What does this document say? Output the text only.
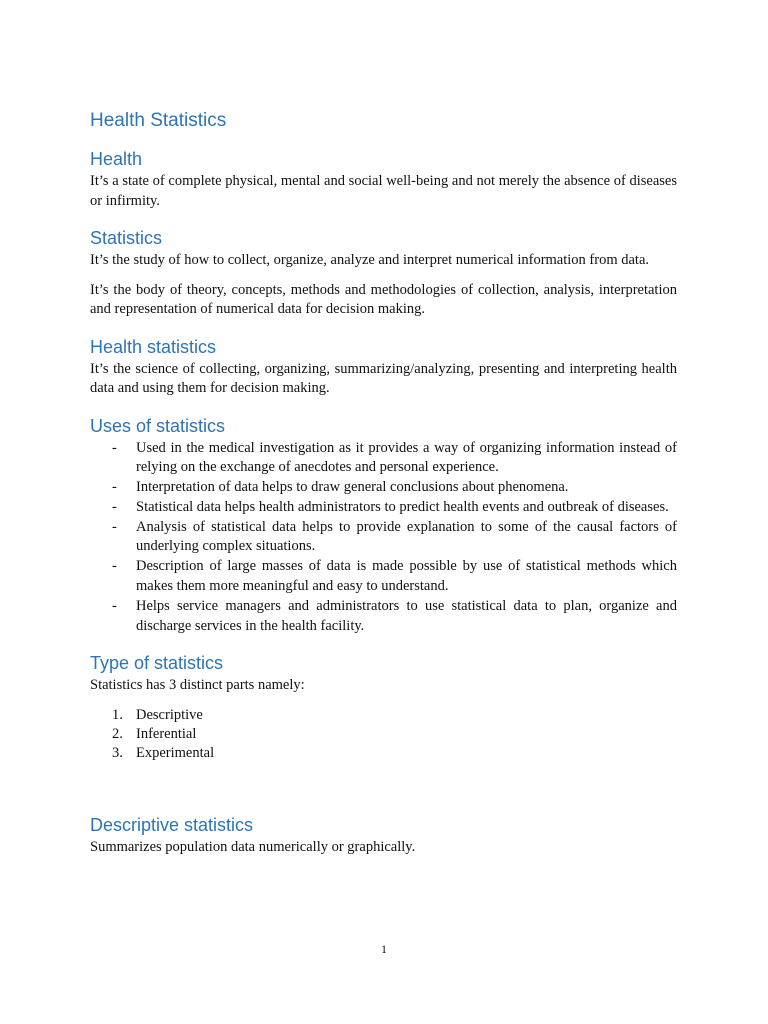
Health Statistics
Health

It’s a state of complete physical, mental and social well-being and not merely the absence of diseases or infirmity.

Statistics

It’s the study of how to collect, organize, analyze and interpret numerical information from data.

It’s the body of theory, concepts, methods and methodologies of collection, analysis, interpretation and representation of numerical data for decision making.

Health statistics

It’s the science of collecting, organizing, summarizing/analyzing, presenting and interpreting health data and using them for decision making.

Uses of statistics
- Used in the medical investigation as it provides a way of organizing information instead of relying on the exchange of anecdotes and personal experience.
- Interpretation of data helps to draw general conclusions about phenomena.
- Statistical data helps health administrators to predict health events and outbreak of diseases.
- Analysis of statistical data helps to provide explanation to some of the causal factors of underlying complex situations.
- Description of large masses of data is made possible by use of statistical methods which makes them more meaningful and easy to understand.
- Helps service managers and administrators to use statistical data to plan, organize and discharge services in the health facility.
Type of statistics

Statistics has 3 distinct parts namely:

1. Descriptive
2. Inferential
3. Experimental
Descriptive statistics

Summarizes population data numerically or graphically.

1
